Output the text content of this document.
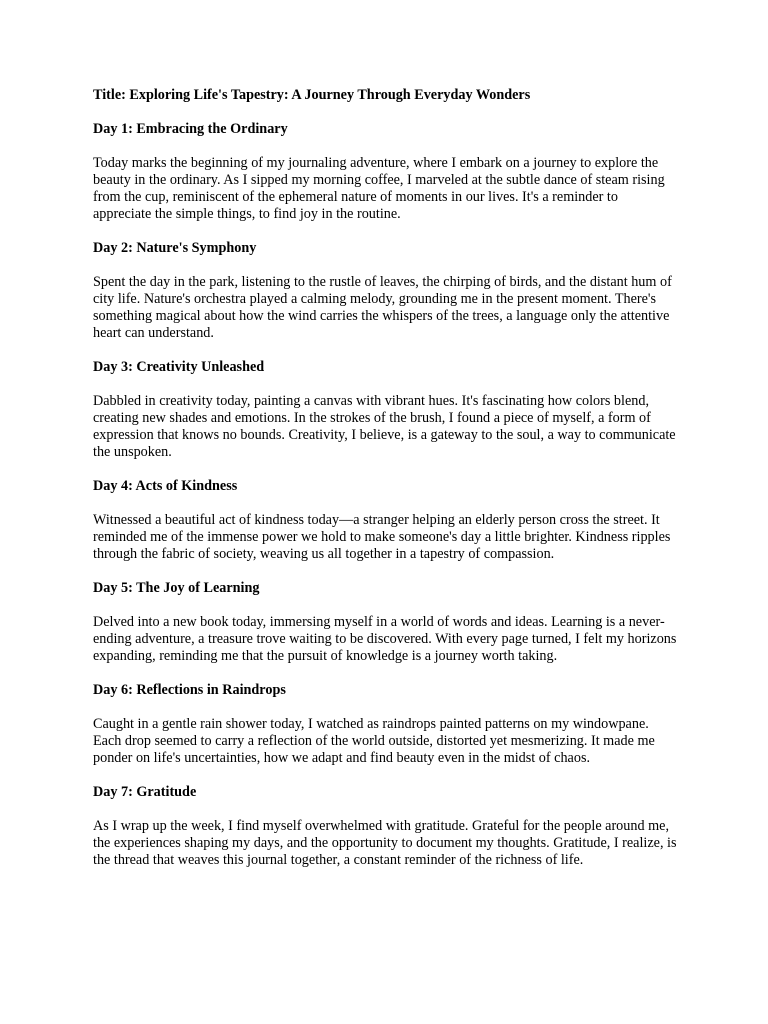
Title: Exploring Life's Tapestry: A Journey Through Everyday Wonders
Day 1: Embracing the Ordinary
Today marks the beginning of my journaling adventure, where I embark on a journey to explore the beauty in the ordinary. As I sipped my morning coffee, I marveled at the subtle dance of steam rising from the cup, reminiscent of the ephemeral nature of moments in our lives. It's a reminder to appreciate the simple things, to find joy in the routine.
Day 2: Nature's Symphony
Spent the day in the park, listening to the rustle of leaves, the chirping of birds, and the distant hum of city life. Nature's orchestra played a calming melody, grounding me in the present moment. There's something magical about how the wind carries the whispers of the trees, a language only the attentive heart can understand.
Day 3: Creativity Unleashed
Dabbled in creativity today, painting a canvas with vibrant hues. It's fascinating how colors blend, creating new shades and emotions. In the strokes of the brush, I found a piece of myself, a form of expression that knows no bounds. Creativity, I believe, is a gateway to the soul, a way to communicate the unspoken.
Day 4: Acts of Kindness
Witnessed a beautiful act of kindness today—a stranger helping an elderly person cross the street. It reminded me of the immense power we hold to make someone's day a little brighter. Kindness ripples through the fabric of society, weaving us all together in a tapestry of compassion.
Day 5: The Joy of Learning
Delved into a new book today, immersing myself in a world of words and ideas. Learning is a never-ending adventure, a treasure trove waiting to be discovered. With every page turned, I felt my horizons expanding, reminding me that the pursuit of knowledge is a journey worth taking.
Day 6: Reflections in Raindrops
Caught in a gentle rain shower today, I watched as raindrops painted patterns on my windowpane. Each drop seemed to carry a reflection of the world outside, distorted yet mesmerizing. It made me ponder on life's uncertainties, how we adapt and find beauty even in the midst of chaos.
Day 7: Gratitude
As I wrap up the week, I find myself overwhelmed with gratitude. Grateful for the people around me, the experiences shaping my days, and the opportunity to document my thoughts. Gratitude, I realize, is the thread that weaves this journal together, a constant reminder of the richness of life.
